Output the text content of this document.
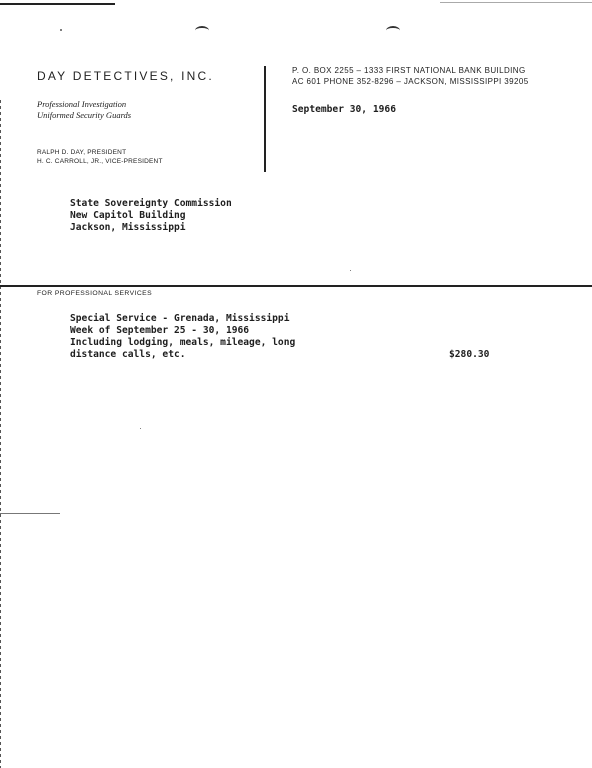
DAY DETECTIVES, INC.
Professional Investigation
Uniformed Security Guards
RALPH D. DAY, PRESIDENT
H. C. CARROLL, JR., VICE-PRESIDENT
P. O. BOX 2255 – 1333 FIRST NATIONAL BANK BUILDING
AC 601 PHONE 352-8296 – JACKSON, MISSISSIPPI 39205
September 30, 1966
State Sovereignty Commission
New Capitol Building
Jackson, Mississippi
FOR PROFESSIONAL SERVICES
Special Service - Grenada, Mississippi
Week of September 25 - 30, 1966
Including lodging, meals, mileage, long
distance calls, etc.	$280.30
